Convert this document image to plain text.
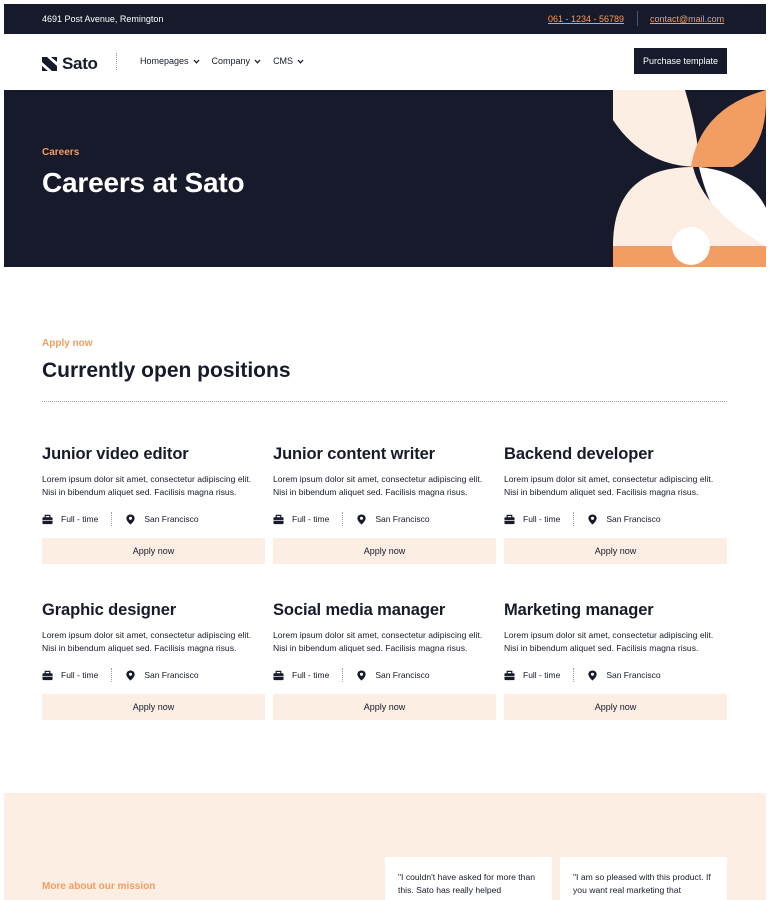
4691 Post Avenue, Remington	061 - 1234 - 56789	contact@mail.com
Sato	Homepages	Company	CMS	Purchase template
Careers
Careers at Sato
Apply now
Currently open positions
Junior video editor

Lorem ipsum dolor sit amet, consectetur adipiscing elit. Nisi in bibendum aliquet sed. Facilisis magna risus.

Full - time	San Francisco
Apply now
Junior content writer

Lorem ipsum dolor sit amet, consectetur adipiscing elit. Nisi in bibendum aliquet sed. Facilisis magna risus.

Full - time	San Francisco
Apply now
Backend developer

Lorem ipsum dolor sit amet, consectetur adipiscing elit. Nisi in bibendum aliquet sed. Facilisis magna risus.

Full - time	San Francisco
Apply now
Graphic designer

Lorem ipsum dolor sit amet, consectetur adipiscing elit. Nisi in bibendum aliquet sed. Facilisis magna risus.

Full - time	San Francisco
Apply now
Social media manager

Lorem ipsum dolor sit amet, consectetur adipiscing elit. Nisi in bibendum aliquet sed. Facilisis magna risus.

Full - time	San Francisco
Apply now
Marketing manager

Lorem ipsum dolor sit amet, consectetur adipiscing elit. Nisi in bibendum aliquet sed. Facilisis magna risus.

Full - time	San Francisco
Apply now
More about our mission
"I couldn't have asked for more than this. Sato has really helped
"I am so pleased with this product. If you want real marketing that
